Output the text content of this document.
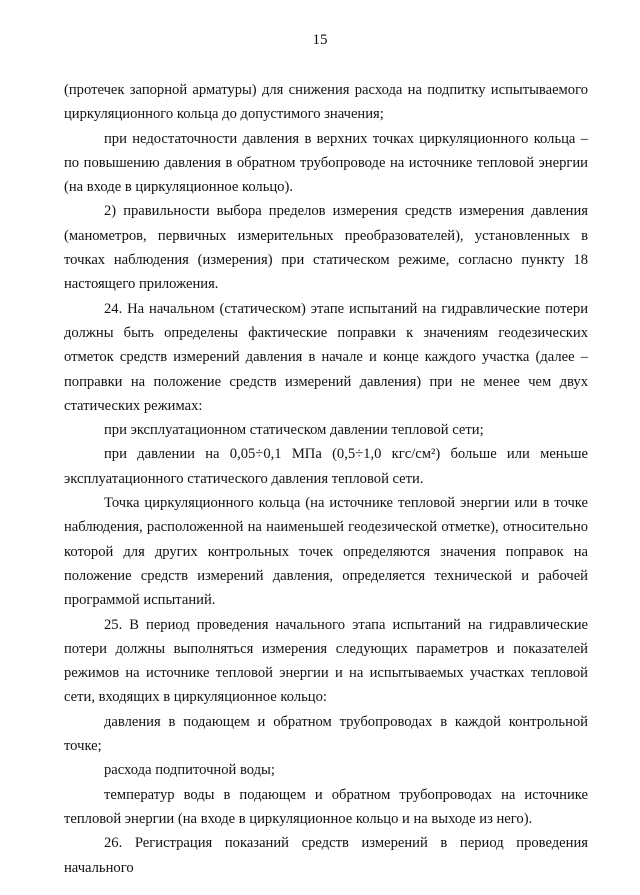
15

(протечек запорной арматуры) для снижения расхода на подпитку испытываемого циркуляционного кольца до допустимого значения;

при недостаточности давления в верхних точках циркуляционного кольца – по повышению давления в обратном трубопроводе на источнике тепловой энергии (на входе в циркуляционное кольцо).

2) правильности выбора пределов измерения средств измерения давления (манометров, первичных измерительных преобразователей), установленных в точках наблюдения (измерения) при статическом режиме, согласно пункту 18 настоящего приложения.

24. На начальном (статическом) этапе испытаний на гидравлические потери должны быть определены фактические поправки к значениям геодезических отметок средств измерений давления в начале и конце каждого участка (далее – поправки на положение средств измерений давления) при не менее чем двух статических режимах:

при эксплуатационном статическом давлении тепловой сети;

при давлении на 0,05÷0,1 МПа (0,5÷1,0 кгс/см²) больше или меньше эксплуатационного статического давления тепловой сети.

Точка циркуляционного кольца (на источнике тепловой энергии или в точке наблюдения, расположенной на наименьшей геодезической отметке), относительно которой для других контрольных точек определяются значения поправок на положение средств измерений давления, определяется технической и рабочей программой испытаний.

25. В период проведения начального этапа испытаний на гидравлические потери должны выполняться измерения следующих параметров и показателей режимов на источнике тепловой энергии и на испытываемых участках тепловой сети, входящих в циркуляционное кольцо:

давления в подающем и обратном трубопроводах в каждой контрольной точке;

расхода подпиточной воды;

температур воды в подающем и обратном трубопроводах на источнике тепловой энергии (на входе в циркуляционное кольцо и на выходе из него).

26. Регистрация показаний средств измерений в период проведения начального
